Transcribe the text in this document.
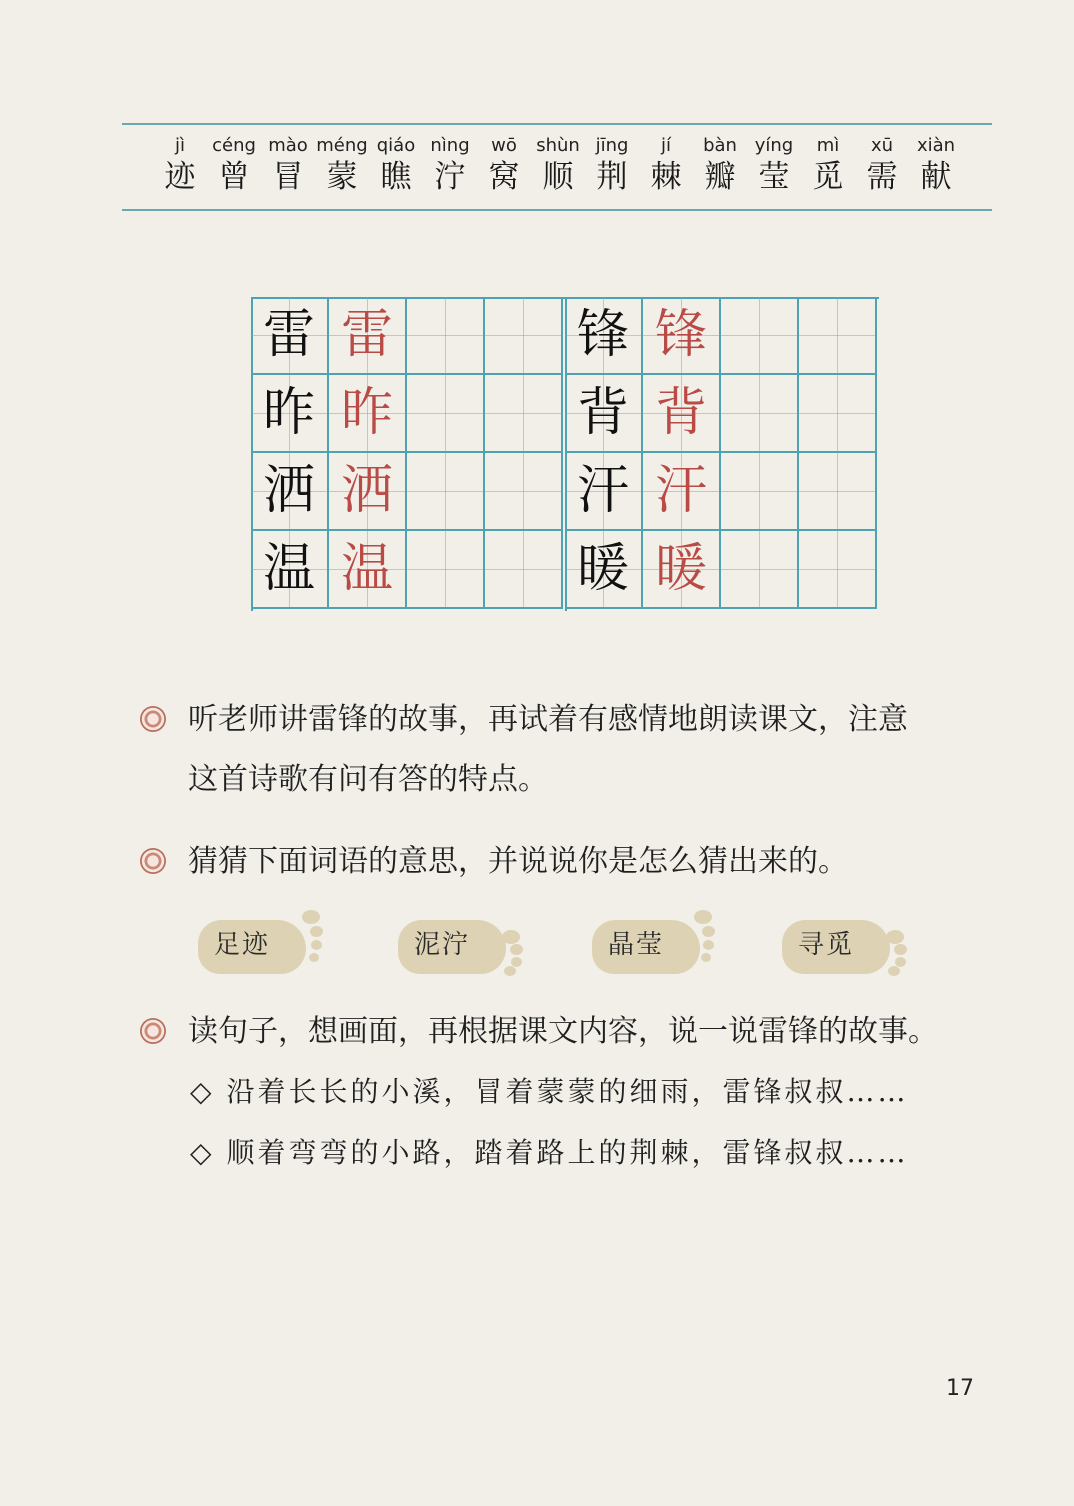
jì
迹
céng
曾
mào
冒
méng
蒙
qiáo
瞧
nìng
泞
wō
窝
shùn
顺
jīng
荆
jí
棘
bàn
瓣
yíng
莹
mì
觅
xū
需
xiàn
献
雷 雷
昨 昨
洒 洒
温 温
锋 锋
背 背
汗 汗
暖 暖
听老师讲雷锋的故事，再试着有感情地朗读课文，注意
这首诗歌有问有答的特点。
猜猜下面词语的意思，并说说你是怎么猜出来的。
足迹	泥泞	晶莹	寻觅
读句子，想画面，再根据课文内容，说一说雷锋的故事。
◇ 沿着长长的小溪，冒着蒙蒙的细雨，雷锋叔叔……
◇ 顺着弯弯的小路，踏着路上的荆棘，雷锋叔叔……
17
